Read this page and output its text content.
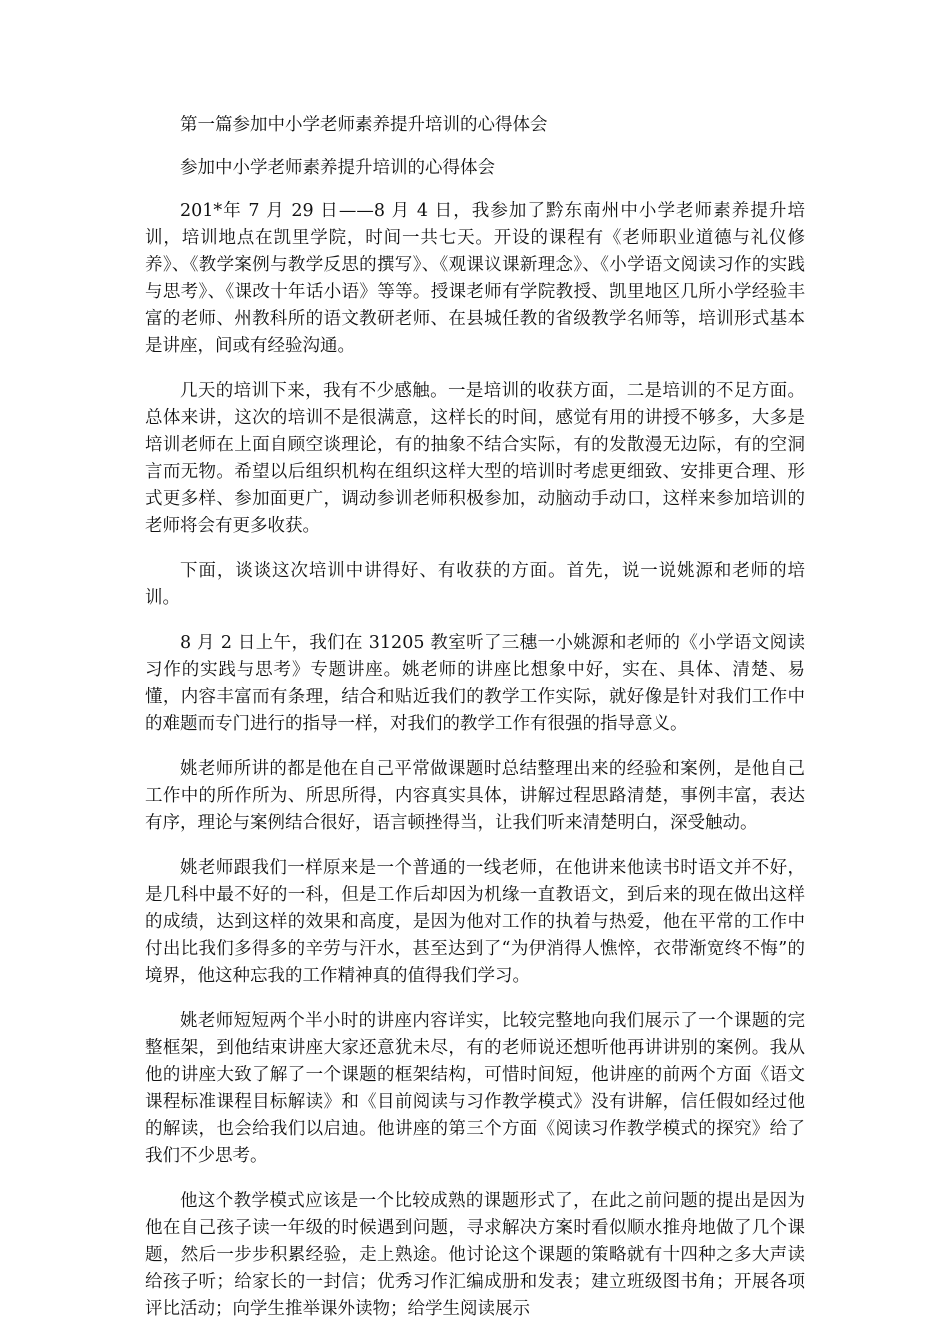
第一篇参加中小学老师素养提升培训的心得体会

参加中小学老师素养提升培训的心得体会

201*年 7 月 29 日——8 月 4 日，我参加了黔东南州中小学老师素养提升培训，培训地点在凯里学院，时间一共七天。开设的课程有《老师职业道德与礼仪修养》、《教学案例与教学反思的撰写》、《观课议课新理念》、《小学语文阅读习作的实践与思考》、《课改十年话小语》等等。授课老师有学院教授、凯里地区几所小学经验丰富的老师、州教科所的语文教研老师、在县城任教的省级教学名师等，培训形式基本是讲座，间或有经验沟通。

几天的培训下来，我有不少感触。一是培训的收获方面，二是培训的不足方面。总体来讲，这次的培训不是很满意，这样长的时间，感觉有用的讲授不够多，大多是培训老师在上面自顾空谈理论，有的抽象不结合实际，有的发散漫无边际，有的空洞言而无物。希望以后组织机构在组织这样大型的培训时考虑更细致、安排更合理、形式更多样、参加面更广，调动参训老师积极参加，动脑动手动口，这样来参加培训的老师将会有更多收获。

下面，谈谈这次培训中讲得好、有收获的方面。首先，说一说姚源和老师的培训。

8 月 2 日上午，我们在 31205 教室听了三穗一小姚源和老师的《小学语文阅读习作的实践与思考》专题讲座。姚老师的讲座比想象中好，实在、具体、清楚、易懂，内容丰富而有条理，结合和贴近我们的教学工作实际，就好像是针对我们工作中的难题而专门进行的指导一样，对我们的教学工作有很强的指导意义。

姚老师所讲的都是他在自己平常做课题时总结整理出来的经验和案例，是他自己工作中的所作所为、所思所得，内容真实具体，讲解过程思路清楚，事例丰富，表达有序，理论与案例结合很好，语言顿挫得当，让我们听来清楚明白，深受触动。

姚老师跟我们一样原来是一个普通的一线老师，在他讲来他读书时语文并不好，是几科中最不好的一科，但是工作后却因为机缘一直教语文，到后来的现在做出这样的成绩，达到这样的效果和高度，是因为他对工作的执着与热爱，他在平常的工作中付出比我们多得多的辛劳与汗水，甚至达到了“为伊消得人憔悴，衣带渐宽终不悔”的境界，他这种忘我的工作精神真的值得我们学习。

姚老师短短两个半小时的讲座内容详实，比较完整地向我们展示了一个课题的完整框架，到他结束讲座大家还意犹未尽，有的老师说还想听他再讲讲别的案例。我从他的讲座大致了解了一个课题的框架结构，可惜时间短，他讲座的前两个方面《语文课程标准课程目标解读》和《目前阅读与习作教学模式》没有讲解，信任假如经过他的解读，也会给我们以启迪。他讲座的第三个方面《阅读习作教学模式的探究》给了我们不少思考。

他这个教学模式应该是一个比较成熟的课题形式了，在此之前问题的提出是因为他在自己孩子读一年级的时候遇到问题，寻求解决方案时看似顺水推舟地做了几个课题，然后一步步积累经验，走上熟途。他讨论这个课题的策略就有十四种之多大声读给孩子听；给家长的一封信；优秀习作汇编成册和发表；建立班级图书角；开展各项评比活动；向学生推举课外读物；给学生阅读展示
